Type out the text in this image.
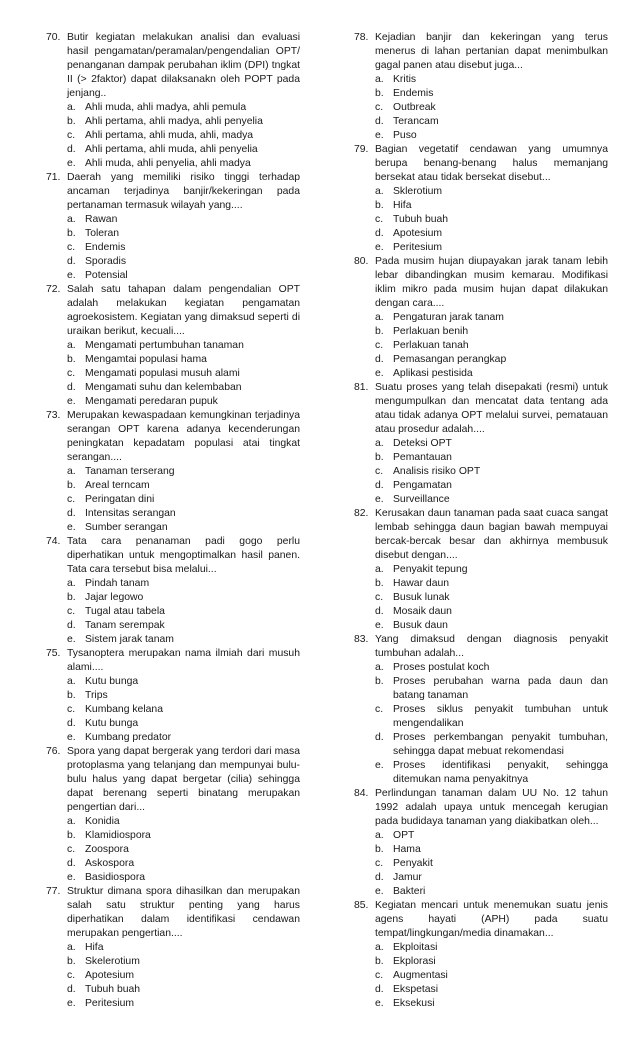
70. Butir kegiatan melakukan analisi dan evaluasi hasil pengamatan/peramalan/pengendalian OPT/ penanganan dampak perubahan iklim (DPI) tngkat II (> 2faktor) dapat dilaksanakn oleh POPT pada jenjang..
a. Ahli muda, ahli madya, ahli pemula
b. Ahli pertama, ahli madya, ahli penyelia
c. Ahli pertama, ahli muda, ahli, madya
d. Ahli pertama, ahli muda, ahli penyelia
e. Ahli muda, ahli penyelia, ahli madya
71. Daerah yang memiliki risiko tinggi terhadap ancaman terjadinya banjir/kekeringan pada pertanaman termasuk wilayah yang....
a. Rawan
b. Toleran
c. Endemis
d. Sporadis
e. Potensial
72. Salah satu tahapan dalam pengendalian OPT adalah melakukan kegiatan pengamatan agroekosistem. Kegiatan yang dimaksud seperti di uraikan berikut, kecuali....
a. Mengamati pertumbuhan tanaman
b. Mengamtai populasi hama
c. Mengamati populasi musuh alami
d. Mengamati suhu dan kelembaban
e. Mengamati peredaran pupuk
73. Merupakan kewaspadaan kemungkinan terjadinya serangan OPT karena adanya kecenderungan peningkatan kepadatam populasi atai tingkat serangan....
a. Tanaman terserang
b. Areal terncam
c. Peringatan dini
d. Intensitas serangan
e. Sumber serangan
74. Tata cara penanaman padi gogo perlu diperhatikan untuk mengoptimalkan hasil panen. Tata cara tersebut bisa melalui...
a. Pindah tanam
b. Jajar legowo
c. Tugal atau tabela
d. Tanam serempak
e. Sistem jarak tanam
75. Tysanoptera merupakan nama ilmiah dari musuh alami....
a. Kutu bunga
b. Trips
c. Kumbang kelana
d. Kutu bunga
e. Kumbang predator
76. Spora yang dapat bergerak yang terdori dari masa protoplasma yang telanjang dan mempunyai bulu-bulu halus yang dapat bergetar (cilia) sehingga dapat berenang seperti binatang merupakan pengertian dari...
a. Konidia
b. Klamidiospora
c. Zoospora
d. Askospora
e. Basidiospora
77. Struktur dimana spora dihasilkan dan merupakan salah satu struktur penting yang harus diperhatikan dalam identifikasi cendawan merupakan pengertian....
a. Hifa
b. Skelerotium
c. Apotesium
d. Tubuh buah
e. Peritesium
78. Kejadian banjir dan kekeringan yang terus menerus di lahan pertanian dapat menimbulkan gagal panen atau disebut juga...
a. Kritis
b. Endemis
c. Outbreak
d. Terancam
e. Puso
79. Bagian vegetatif cendawan yang umumnya berupa benang-benang halus memanjang bersekat atau tidak bersekat disebut...
a. Sklerotium
b. Hifa
c. Tubuh buah
d. Apotesium
e. Peritesium
80. Pada musim hujan diupayakan jarak tanam lebih lebar dibandingkan musim kemarau. Modifikasi iklim mikro pada musim hujan dapat dilakukan dengan cara....
a. Pengaturan jarak tanam
b. Perlakuan benih
c. Perlakuan tanah
d. Pemasangan perangkap
e. Aplikasi pestisida
81. Suatu proses yang telah disepakati (resmi) untuk mengumpulkan dan mencatat data tentang ada atau tidak adanya OPT melalui survei, pematauan atau prosedur adalah....
a. Deteksi OPT
b. Pemantauan
c. Analisis risiko OPT
d. Pengamatan
e. Surveillance
82. Kerusakan daun tanaman pada saat cuaca sangat lembab sehingga daun bagian bawah mempuyai bercak-bercak besar dan akhirnya membusuk disebut dengan....
a. Penyakit tepung
b. Hawar daun
c. Busuk lunak
d. Mosaik daun
e. Busuk daun
83. Yang dimaksud dengan diagnosis penyakit tumbuhan adalah...
a. Proses postulat koch
b. Proses perubahan warna pada daun dan batang tanaman
c. Proses siklus penyakit tumbuhan untuk mengendalikan
d. Proses perkembangan penyakit tumbuhan, sehingga dapat mebuat rekomendasi
e. Proses identifikasi penyakit, sehingga ditemukan nama penyakitnya
84. Perlindungan tanaman dalam UU No. 12 tahun 1992 adalah upaya untuk mencegah kerugian pada budidaya tanaman yang diakibatkan oleh...
a. OPT
b. Hama
c. Penyakit
d. Jamur
e. Bakteri
85. Kegiatan mencari untuk menemukan suatu jenis agens hayati (APH) pada suatu tempat/lingkungan/media dinamakan...
a. Ekploitasi
b. Ekplorasi
c. Augmentasi
d. Ekspetasi
e. Eksekusi
